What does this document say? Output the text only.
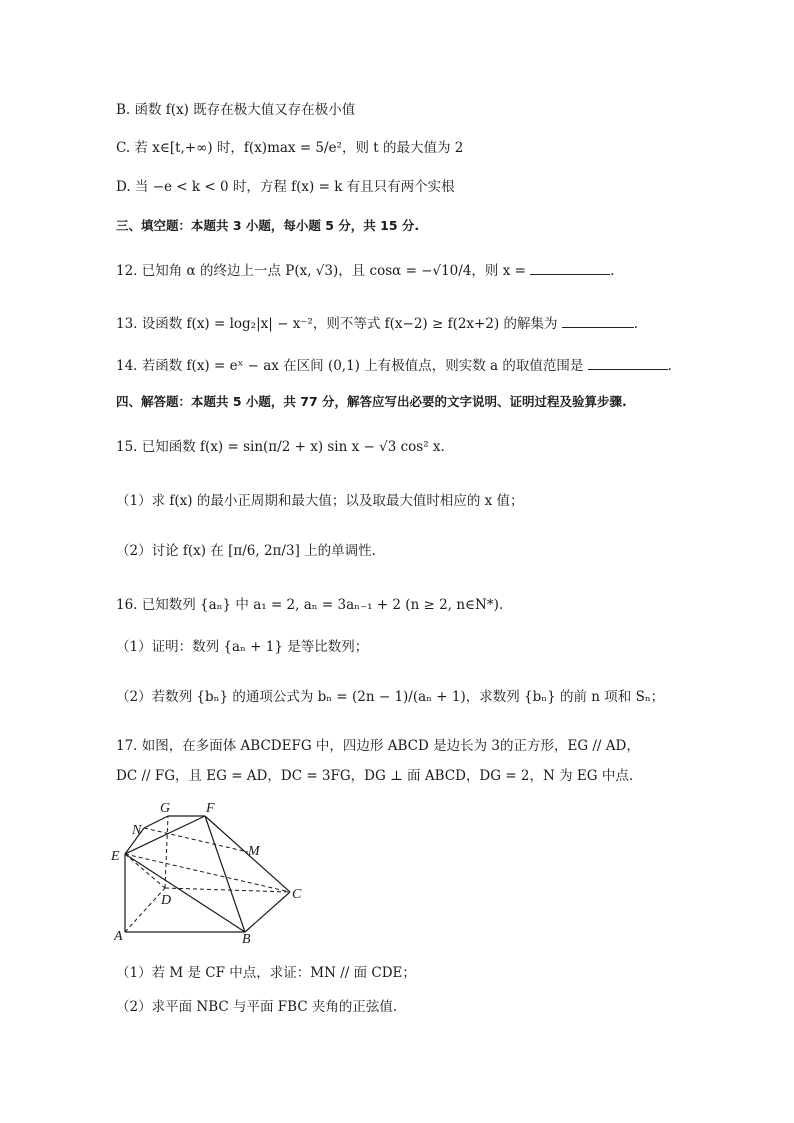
B. 函数 f(x) 既存在极大值又存在极小值
C. 若 x∈[t,+∞) 时，f(x)max = 5/e²，则 t 的最大值为 2
D. 当 −e < k < 0 时，方程 f(x) = k 有且只有两个实根
三、填空题：本题共 3 小题，每小题 5 分，共 15 分.
12. 已知角 α 的终边上一点 P(x, √3)，且 cosα = −√10/4，则 x =	.
13. 设函数 f(x) = log₂|x| − x⁻²，则不等式 f(x−2) ≥ f(2x+2) 的解集为	.
14. 若函数 f(x) = eˣ − ax 在区间 (0,1) 上有极值点，则实数 a 的取值范围是	.
四、解答题：本题共 5 小题，共 77 分，解答应写出必要的文字说明、证明过程及验算步骤.
15. 已知函数 f(x) = sin(π/2 + x) sin x − √3 cos² x.
（1）求 f(x) 的最小正周期和最大值；以及取最大值时相应的 x 值；
（2）讨论 f(x) 在 [π/6, 2π/3] 上的单调性.
16. 已知数列 {aₙ} 中 a₁ = 2, aₙ = 3aₙ₋₁ + 2 (n ≥ 2, n∈N*).
（1）证明：数列 {aₙ + 1} 是等比数列；
（2）若数列 {bₙ} 的通项公式为 bₙ = (2n − 1)/(aₙ + 1)，求数列 {bₙ} 的前 n 项和 Sₙ；
17. 如图，在多面体 ABCDEFG 中，四边形 ABCD 是边长为 3的正方形，EG // AD，
DC // FG，且 EG = AD，DC = 3FG，DG ⊥ 面 ABCD，DG = 2，N 为 EG 中点.
G	F
N
M
E
D	C
A	B
（1）若 M 是 CF 中点，求证：MN // 面 CDE；
（2）求平面 NBC 与平面 FBC 夹角的正弦值.
